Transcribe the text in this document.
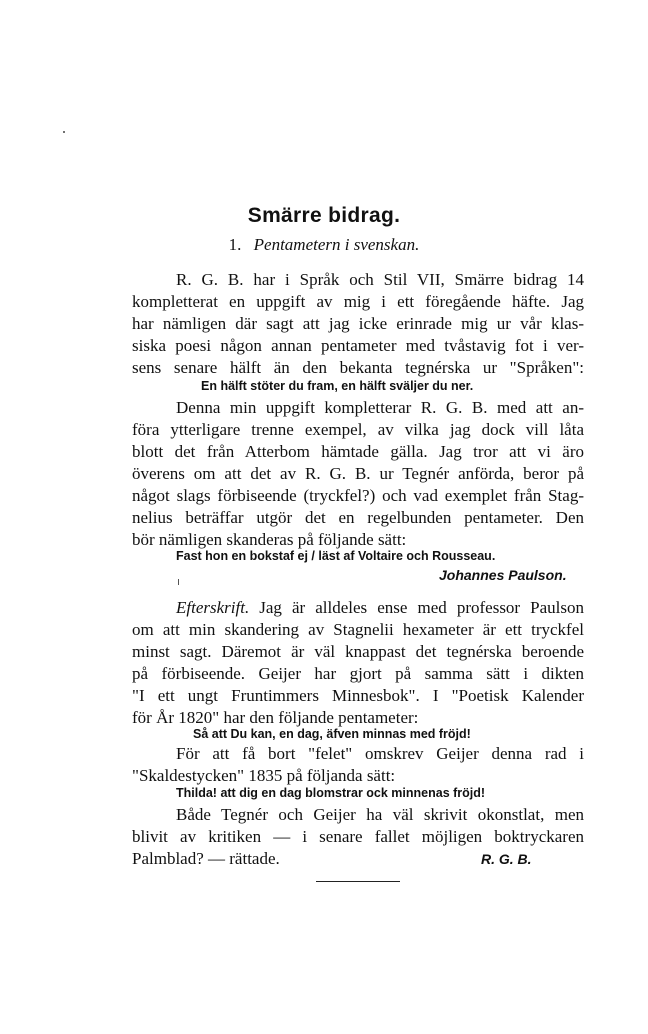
Smärre bidrag.
1. Pentametern i svenskan.
R. G. B. har i Språk och Stil VII, Smärre bidrag 14
kompletterat en uppgift av mig i ett föregående häfte. Jag
har nämligen där sagt att jag icke erinrade mig ur vår klas-
siska poesi någon annan pentameter med tvåstavig fot i ver-
sens senare hälft än den bekanta tegnérska ur "Språken":
En hälft stöter du fram, en hälft sväljer du ner.
Denna min uppgift kompletterar R. G. B. med att an-
föra ytterligare trenne exempel, av vilka jag dock vill låta
blott det från Atterbom hämtade gälla. Jag tror att vi äro
överens om att det av R. G. B. ur Tegnér anförda, beror på
något slags förbiseende (tryckfel?) och vad exemplet från Stag-
nelius beträffar utgör det en regelbunden pentameter. Den
bör nämligen skanderas på följande sätt:
Fast hon en bokstaf ej / läst af Voltaire och Rousseau.
Johannes Paulson.
Efterskrift. Jag är alldeles ense med professor Paulson
om att min skandering av Stagnelii hexameter är ett tryckfel
minst sagt. Däremot är väl knappast det tegnérska beroende
på förbiseende. Geijer har gjort på samma sätt i dikten
"I ett ungt Fruntimmers Minnesbok". I "Poetisk Kalender
för År 1820" har den följande pentameter:
Så att Du kan, en dag, äfven minnas med fröjd!
För att få bort "felet" omskrev Geijer denna rad i
"Skaldestycken" 1835 på följanda sätt:
Thilda! att dig en dag blomstrar ock minnenas fröjd!
Både Tegnér och Geijer ha väl skrivit okonstlat, men
blivit av kritiken — i senare fallet möjligen boktryckaren
Palmblad? — rättade.	R. G. B.
